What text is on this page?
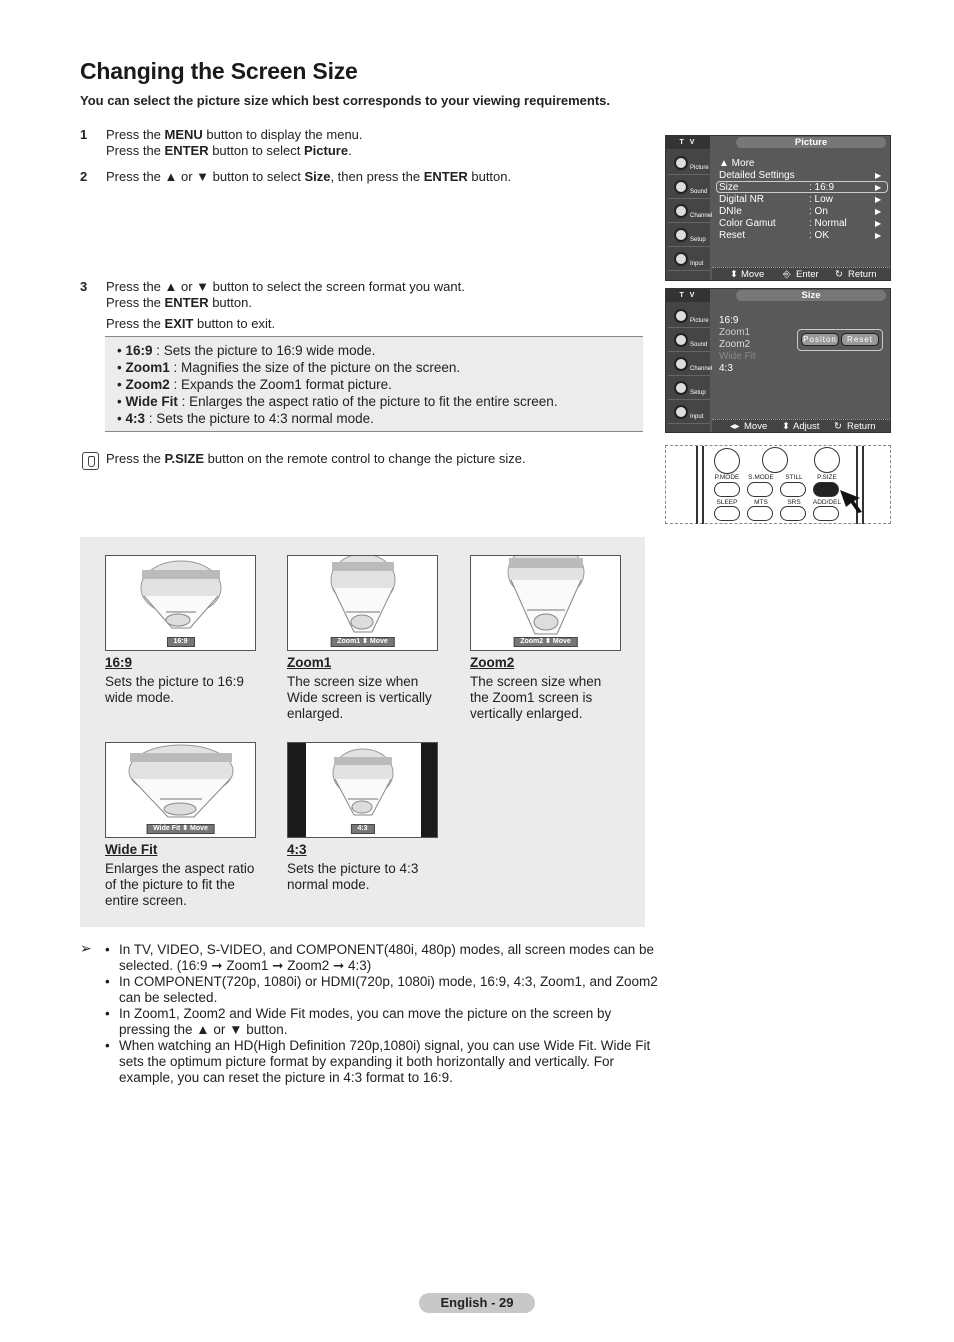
Changing the Screen Size
You can select the picture size which best corresponds to your viewing requirements.
1 Press the MENU button to display the menu.
Press the ENTER button to select Picture.
2 Press the ▲ or ▼ button to select Size, then press the ENTER button.
3 Press the ▲ or ▼ button to select the screen format you want.
Press the ENTER button.
Press the EXIT button to exit.
• 16:9 : Sets the picture to 16:9 wide mode.
• Zoom1 : Magnifies the size of the picture on the screen.
• Zoom2 : Expands the Zoom1 format picture.
• Wide Fit : Enlarges the aspect ratio of the picture to fit the entire screen.
• 4:3 : Sets the picture to 4:3 normal mode.
Press the P.SIZE button on the remote control to change the picture size.
T V	Picture
Picture
Sound
Channel
Setup
Input
▲ More
Detailed Settings	▶
Size	: 16:9	▶
Digital NR	: Low	▶
DNIe	: On	▶
Color Gamut	: Normal	▶
Reset	: OK	▶
⬍ Move ⎆ Enter ↻ Return
T V	Size
Picture
Sound
Channel
Setup
Input
16:9
Zoom1
Zoom2
Wide Fit
4:3
Positon	Reset
◂▸ Move ⬍ Adjust ↻ Return
P.MODE	S.MODE	STILL	P.SIZE
SLEEP	MTS	SRS	ADD/DEL
16:9	Zoom1 ⬍ Move	Zoom2 ⬍ Move
16:9
Sets the picture to 16:9 wide mode.
Zoom1
The screen size when Wide screen is vertically enlarged.
Zoom2
The screen size when the Zoom1 screen is vertically enlarged.
Wide Fit ⬍ Move	4:3
Wide Fit
Enlarges the aspect ratio of the picture to fit the entire screen.
4:3
Sets the picture to 4:3 normal mode.
➢
•	In TV, VIDEO, S-VIDEO, and COMPONENT(480i, 480p) modes, all screen modes can be selected. (16:9 ➞ Zoom1 ➞ Zoom2 ➞ 4:3)
• In COMPONENT(720p, 1080i) or HDMI(720p, 1080i) mode, 16:9, 4:3, Zoom1, and Zoom2 can be selected.
• In Zoom1, Zoom2 and Wide Fit modes, you can move the picture on the screen by pressing the ▲ or ▼ button.
• When watching an HD(High Definition 720p,1080i) signal, you can use Wide Fit. Wide Fit sets the optimum picture format by expanding it both horizontally and vertically. For example, you can reset the picture in 4:3 format to 16:9.
English - 29
